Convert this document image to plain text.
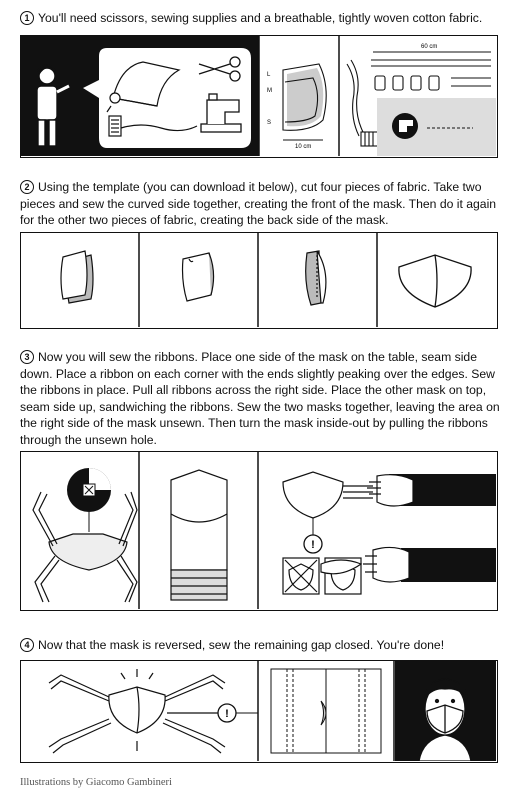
1 You'll need scissors, sewing supplies and a breathable, tightly woven cotton fabric.
L
M
S
10 cm
60 cm
2 Using the template (you can download it below), cut four pieces of fabric. Take two pieces and sew the curved side together, creating the front of the mask. Then do it again for the other two pieces of fabric, creating the back side of the mask.
3 Now you will sew the ribbons. Place one side of the mask on the table, seam side down. Place a ribbon on each corner with the ends slightly peaking over the edges. Sew the ribbons in place. Pull all ribbons across the right side. Place the other mask on top, seam side up, sandwiching the ribbons. Sew the two masks together, leaving the area on the right side of the mask unsewn. Then turn the mask inside-out by pulling the ribbons through the unsewn hole.
!
4 Now that the mask is reversed, sew the remaining gap closed. You're done!
!
Illustrations by Giacomo Gambineri
